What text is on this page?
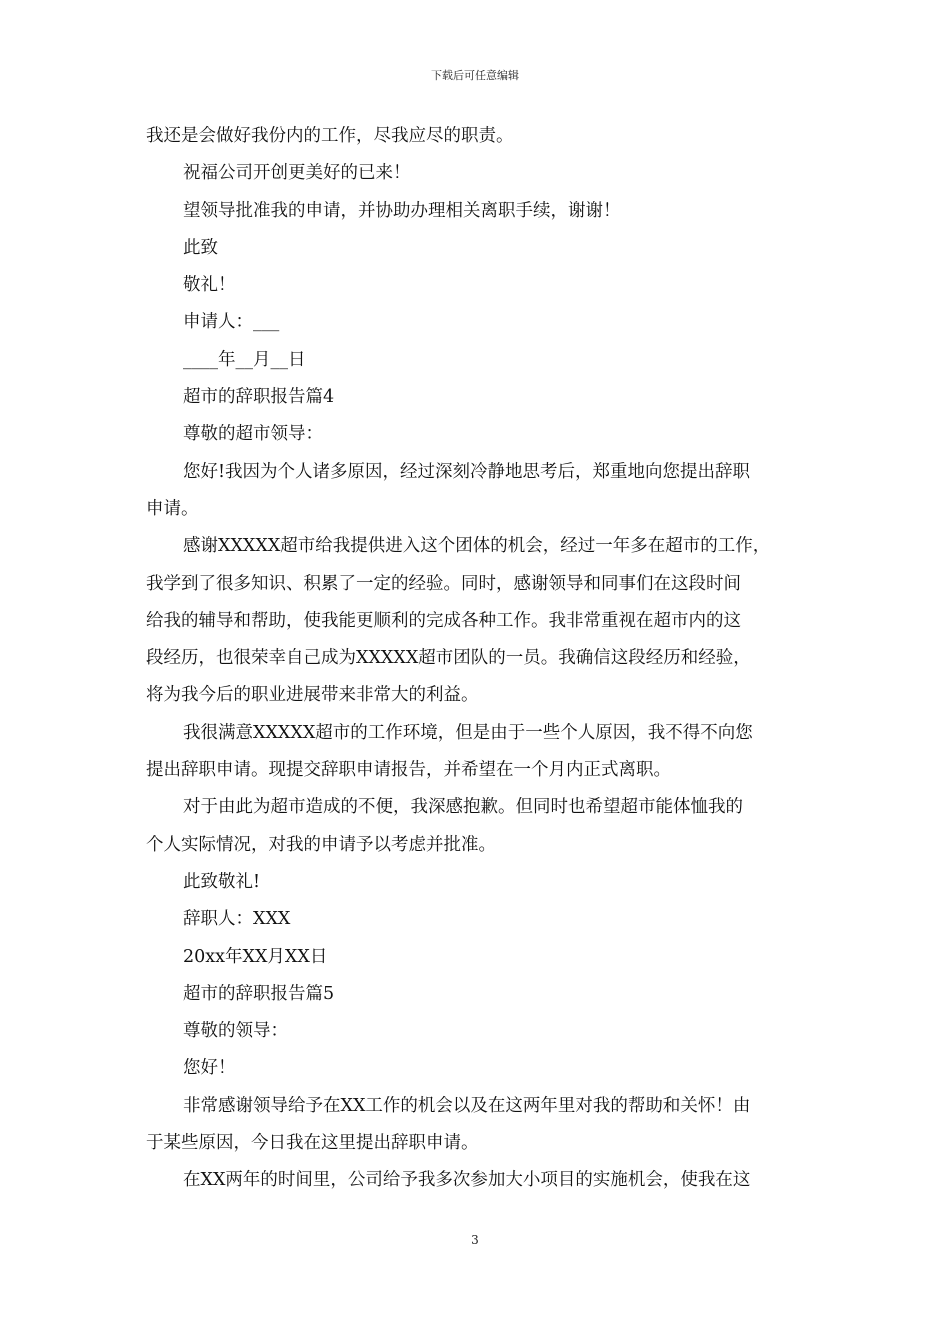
下载后可任意编辑
我还是会做好我份内的工作，尽我应尽的职责。
祝福公司开创更美好的已来！
望领导批准我的申请，并协助办理相关离职手续，谢谢！
此致
敬礼！
申请人：___
____年__月__日
超市的辞职报告篇4
尊敬的超市领导：
您好!我因为个人诸多原因，经过深刻冷静地思考后，郑重地向您提出辞职
申请。
感谢XXXXX超市给我提供进入这个团体的机会，经过一年多在超市的工作，
我学到了很多知识、积累了一定的经验。同时，感谢领导和同事们在这段时间
给我的辅导和帮助，使我能更顺利的完成各种工作。我非常重视在超市内的这
段经历，也很荣幸自己成为XXXXX超市团队的一员。我确信这段经历和经验，
将为我今后的职业进展带来非常大的利益。
我很满意XXXXX超市的工作环境，但是由于一些个人原因，我不得不向您
提出辞职申请。现提交辞职申请报告，并希望在一个月内正式离职。
对于由此为超市造成的不便，我深感抱歉。但同时也希望超市能体恤我的
个人实际情况，对我的申请予以考虑并批准。
此致敬礼!
辞职人：XXX
20xx年XX月XX日
超市的辞职报告篇5
尊敬的领导：
您好！
非常感谢领导给予在XX工作的机会以及在这两年里对我的帮助和关怀！由
于某些原因，今日我在这里提出辞职申请。
在XX两年的时间里，公司给予我多次参加大小项目的实施机会，使我在这
3
